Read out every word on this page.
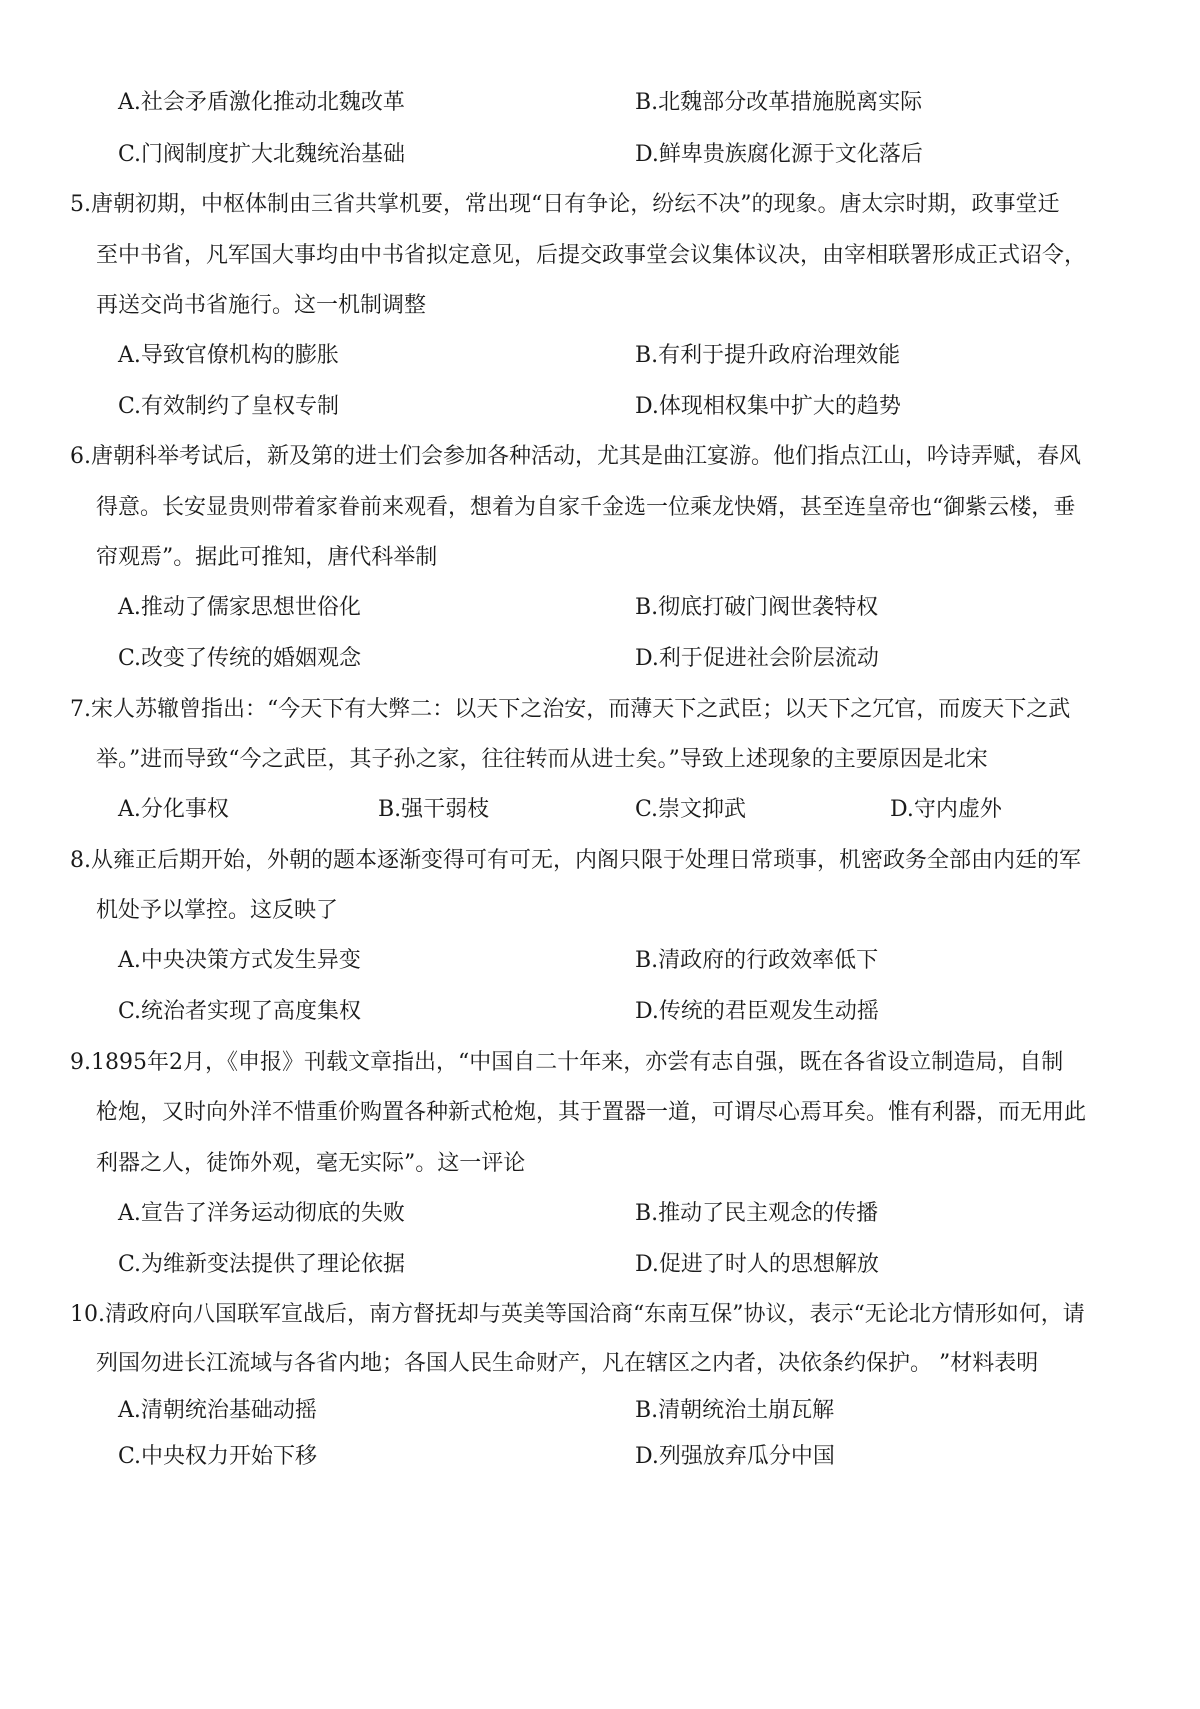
A.社会矛盾激化推动北魏改革	B.北魏部分改革措施脱离实际
C.门阀制度扩大北魏统治基础	D.鲜卑贵族腐化源于文化落后
5.唐朝初期，中枢体制由三省共掌机要，常出现“日有争论，纷纭不决”的现象。唐太宗时期，政事堂迁
至中书省，凡军国大事均由中书省拟定意见，后提交政事堂会议集体议决，由宰相联署形成正式诏令，
再送交尚书省施行。这一机制调整
A.导致官僚机构的膨胀	B.有利于提升政府治理效能
C.有效制约了皇权专制	D.体现相权集中扩大的趋势
6.唐朝科举考试后，新及第的进士们会参加各种活动，尤其是曲江宴游。他们指点江山，吟诗弄赋，春风
得意。长安显贵则带着家眷前来观看，想着为自家千金选一位乘龙快婿，甚至连皇帝也“御紫云楼，垂
帘观焉”。据此可推知，唐代科举制
A.推动了儒家思想世俗化	B.彻底打破门阀世袭特权
C.改变了传统的婚姻观念	D.利于促进社会阶层流动
7.宋人苏辙曾指出：“今天下有大弊二：以天下之治安，而薄天下之武臣；以天下之冗官，而废天下之武
举。”进而导致“今之武臣，其子孙之家，往往转而从进士矣。”导致上述现象的主要原因是北宋
A.分化事权	B.强干弱枝	C.崇文抑武	D.守内虚外
8.从雍正后期开始，外朝的题本逐渐变得可有可无，内阁只限于处理日常琐事，机密政务全部由内廷的军
机处予以掌控。这反映了
A.中央决策方式发生异变	B.清政府的行政效率低下
C.统治者实现了高度集权	D.传统的君臣观发生动摇
9.1895年2月，《申报》刊载文章指出，“中国自二十年来，亦尝有志自强，既在各省设立制造局，自制
枪炮，又时向外洋不惜重价购置各种新式枪炮，其于置器一道，可谓尽心焉耳矣。惟有利器，而无用此
利器之人，徒饰外观，毫无实际”。这一评论
A.宣告了洋务运动彻底的失败	B.推动了民主观念的传播
C.为维新变法提供了理论依据	D.促进了时人的思想解放
10.清政府向八国联军宣战后，南方督抚却与英美等国洽商“东南互保”协议，表示“无论北方情形如何，请
列国勿进长江流域与各省内地；各国人民生命财产，凡在辖区之内者，决依条约保护。 ”材料表明
A.清朝统治基础动摇	B.清朝统治土崩瓦解
C.中央权力开始下移	D.列强放弃瓜分中国
